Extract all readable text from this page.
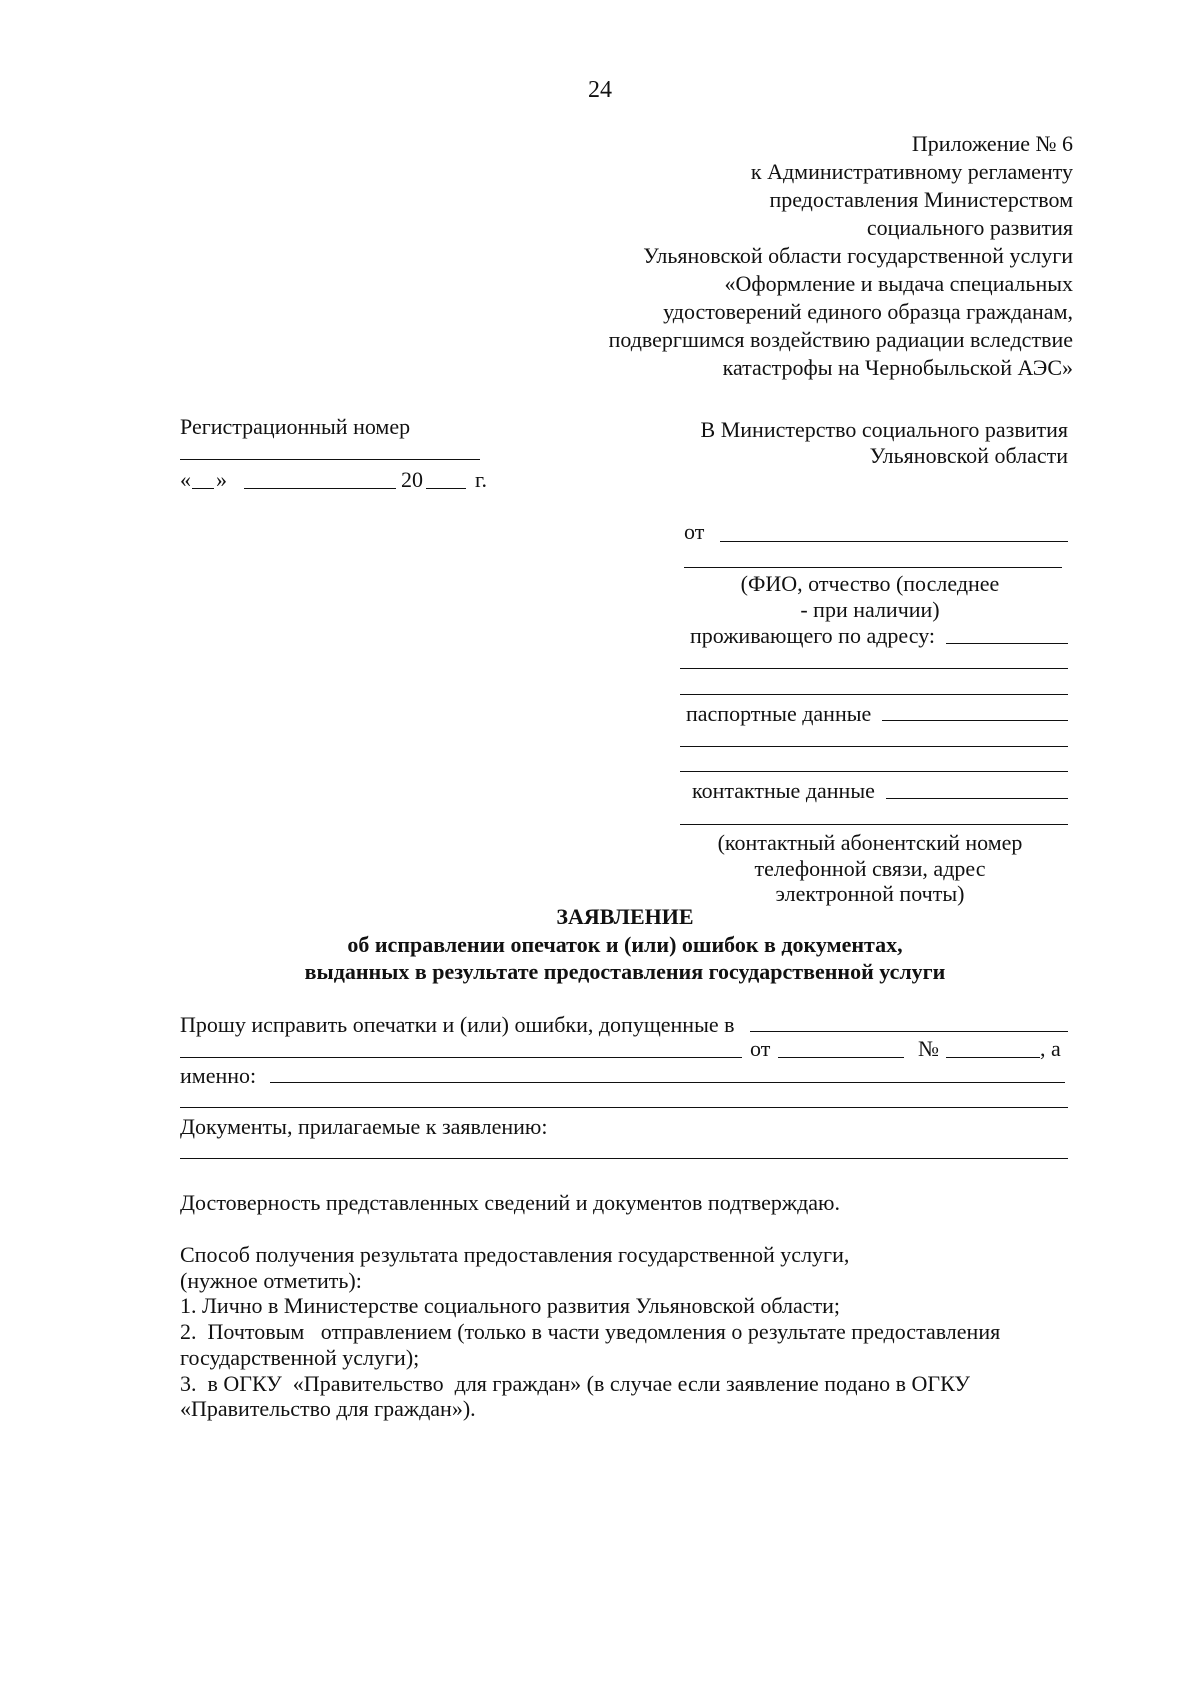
24
Приложение № 6
к Административному регламенту
предоставления Министерством
социального развития
Ульяновской области государственной услуги
«Оформление и выдача специальных
удостоверений единого образца гражданам,
подвергшимся воздействию радиации вследствие
катастрофы на Чернобыльской АЭС»
Регистрационный номер
« »	20 г.
В Министерство социального развития
Ульяновской области
от
(ФИО, отчество (последнее
- при наличии)
проживающего по адресу:
паспортные данные
контактные данные
(контактный абонентский номер
телефонной связи, адрес
электронной почты)
ЗАЯВЛЕНИЕ
об исправлении опечаток и (или) ошибок в документах,
выданных в результате предоставления государственной услуги
Прошу исправить опечатки и (или) ошибки, допущенные в
от	№	, а
именно:
Документы, прилагаемые к заявлению:
Достоверность представленных сведений и документов подтверждаю.
Способ получения результата предоставления государственной услуги,
(нужное отметить):
1. Лично в Министерстве социального развития Ульяновской области;
2.  Почтовым   отправлением (только в части уведомления о результате предоставления
государственной услуги);
3.  в ОГКУ  «Правительство  для граждан» (в случае если заявление подано в ОГКУ
«Правительство для граждан»).
